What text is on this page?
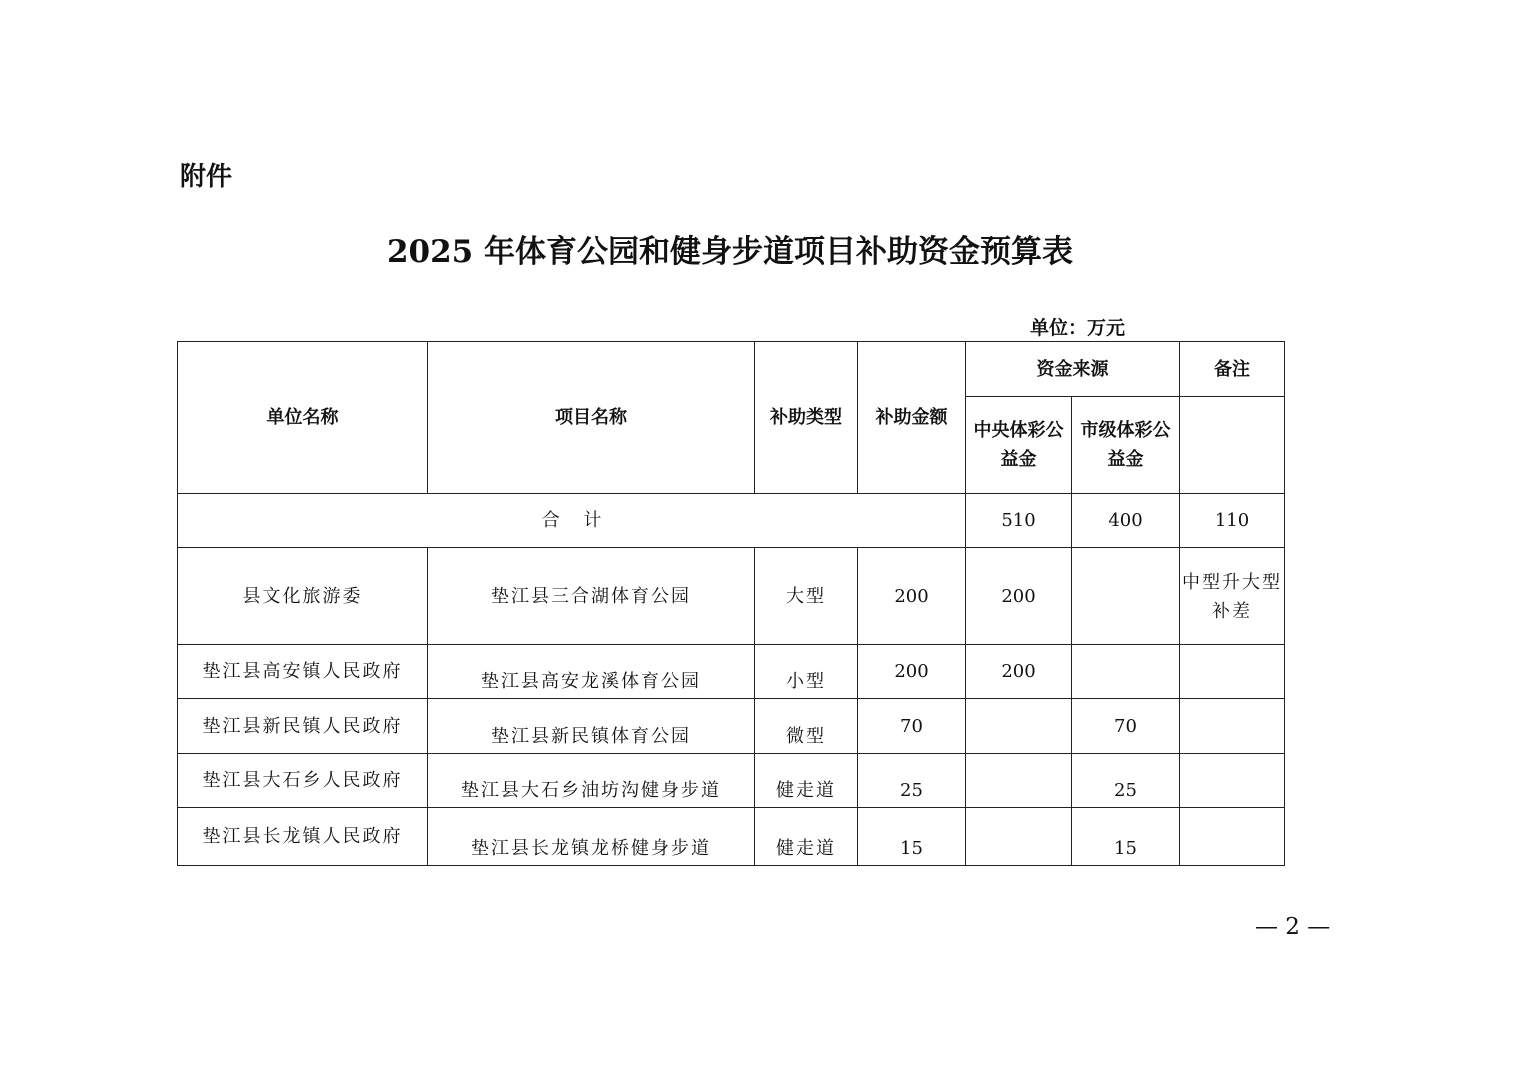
附件
2025 年体育公园和健身步道项目补助资金预算表
单位：万元
单位名称	项目名称	补助类型	补助金额	资金来源		备注	
				中央体彩公益金	市级体彩公益金		
合 计				510	400	110	
县文化旅游委	垫江县三合湖体育公园	大型	200	200		中型升大型补差	
垫江县高安镇人民政府	垫江县高安龙溪体育公园	小型	200	200			
垫江县新民镇人民政府	垫江县新民镇体育公园	微型	70		70		
垫江县大石乡人民政府	垫江县大石乡油坊沟健身步道	健走道	25		25		
垫江县长龙镇人民政府	垫江县长龙镇龙桥健身步道	健走道	15		15		
— 2 —
